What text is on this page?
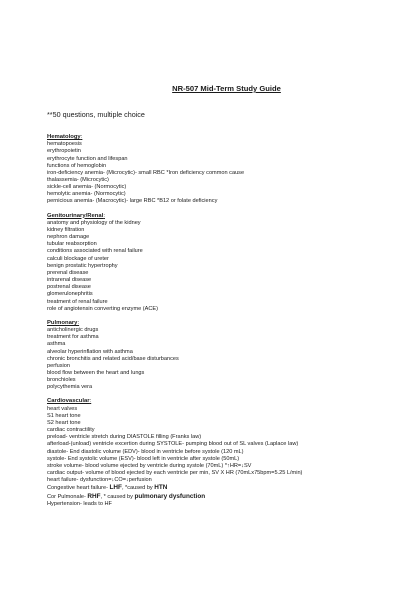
NR-507 Mid-Term Study Guide
**50 questions, multiple choice
Hematology:
hematopoesis
erythropoietin
erythrocyte function and lifespan
functions of hemoglobin
iron-deficiency anemia- (Microcytic)- small RBC *Iron deficiency common cause
thalassemia- (Microcytic)
sickle-cell anemia- (Normocytic)
hemolytic anemia- (Normocytic)
pernicious anemia- (Macrocytic)- large RBC *B12 or folate deficiency
Genitourinary/Renal:
anatomy and physiology of the kidney
kidney filtration
nephron damage
tubular reabsorption
conditions associated with renal failure
calculi blockage of ureter
benign prostatic hypertrophy
prerenal disease
intrarenal disease
postrenal disease
glomerulonephritis
treatment of renal failure
role of angiotensin converting enzyme (ACE)
Pulmonary:
anticholinergic drugs
treatment for asthma
asthma
alveolar hyperinflation with asthma
chronic bronchitis and related acid/base disturbances
perfusion
blood flow between the heart and lungs
bronchioles
polycythemia vera
Cardiovascular:
heart valves
S1 heart tone
S2 heart tone
cardiac contractility
preload- ventricle stretch during DIASTOLE filling (Franks law)
afterload-(unload) ventricle excertion during SYSTOLE- pumping blood out of SL valves (Laplace law)
diastole- End diastolic volume (EDV)- blood in ventricle before systole (120 mL)
systole- End systolic volume (ESV)- blood left in ventricle after systole (50mL)
stroke volume- blood volume ejected by ventricle during systole (70mL) *↑HR=↓SV
cardiac output- volume of blood ejected by each ventricle per min, SV X HR (70mLx75bpm=5.25 L/min)
heart failure- dysfunction=↓CO=↓perfusion
Congestive heart failure- LHF, *caused by HTN
Cor Pulmonale- RHF, * caused by pulmonary dysfunction
Hypertension- leads to HF
